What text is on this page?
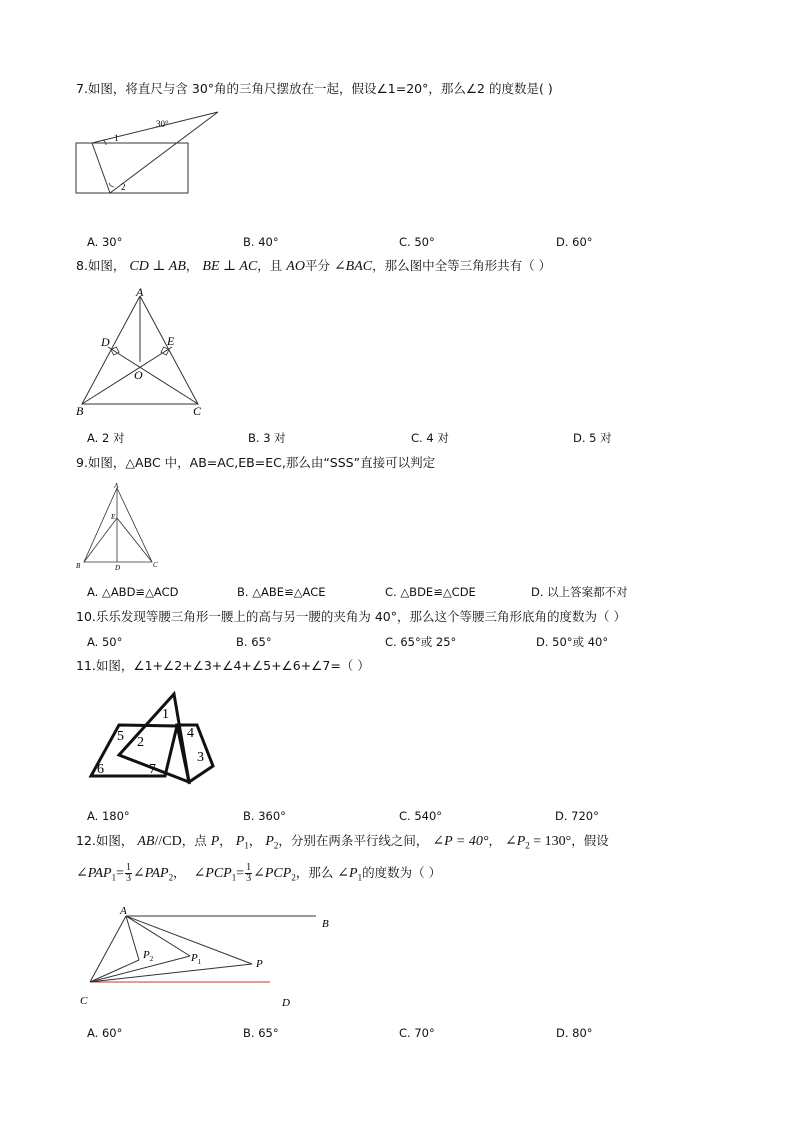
7.如图，将直尺与含 30°角的三角尺摆放在一起，假设∠1=20°，那么∠2 的度数是( )
30°
1
2
A. 30°	B. 40°	C. 50°	D. 60°
8.如图， CD ⊥ AB， BE ⊥ AC，且 AO平分 ∠BAC，那么图中全等三角形共有（ ）
A
D	E
O
B	C
A. 2 对	B. 3 对	C. 4 对	D. 5 对
9.如图，△ABC 中，AB=AC,EB=EC,那么由“SSS”直接可以判定
A
E
B	D	C
A. △ABD≌△ACD	B. △ABE≌△ACE	C. △BDE≌△CDE	D. 以上答案都不对
10.乐乐发现等腰三角形一腰上的高与另一腰的夹角为 40°，那么这个等腰三角形底角的度数为（ ）
A. 50°	B. 65°	C. 65°或 25°	D. 50°或 40°
11.如图，∠1+∠2+∠3+∠4+∠5+∠6+∠7=（ ）
1
2
3
4
5
6	7
A. 180°	B. 360°	C. 540°	D. 720°
12.如图， AB//CD，点 P， $P_1$， $P_2$，分别在两条平行线之间， ∠P = 40°， $\angle P_2 = 130^\circ$，假设
$\angle PAP_1= \frac{1}{3}$ $\angle PAP_2$， $\angle PCP_1= \frac{1}{3}$ $\angle PCP_2$，那么 $\angle P_1$的度数为（ ）
A
B
C	D
P
$P_1$
$P_2$
A. 60°	B. 65°	C. 70°	D. 80°
